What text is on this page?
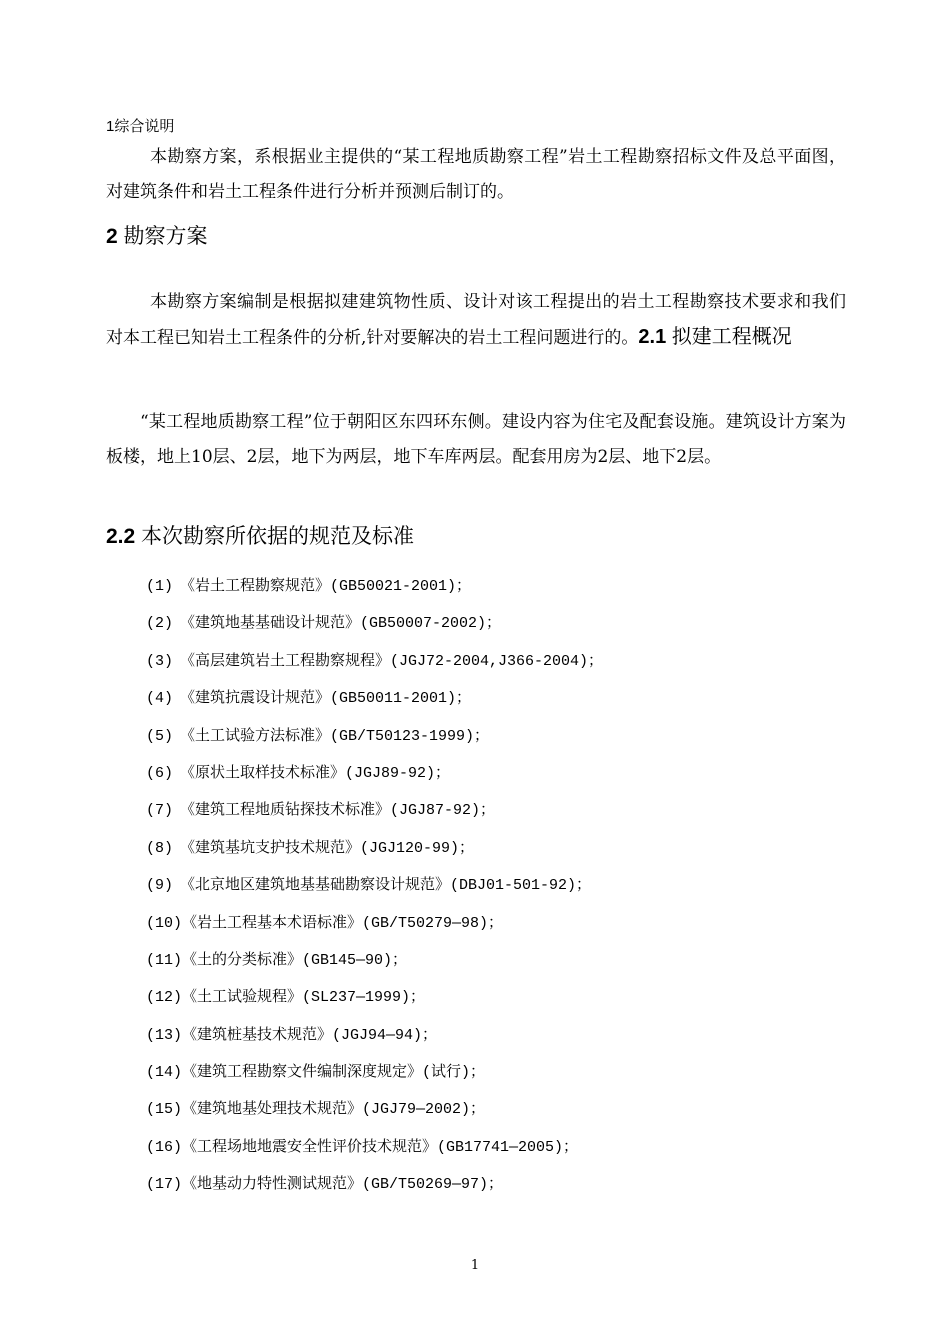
1综合说明

本勘察方案，系根据业主提供的“某工程地质勘察工程”岩土工程勘察招标文件及总平面图，对建筑条件和岩土工程条件进行分析并预测后制订的。

2 勘察方案

本勘察方案编制是根据拟建建筑物性质、设计对该工程提出的岩土工程勘察技术要求和我们对本工程已知岩土工程条件的分析,针对要解决的岩土工程问题进行的。2.1 拟建工程概况

“某工程地质勘察工程”位于朝阳区东四环东侧。建设内容为住宅及配套设施。建筑设计方案为板楼，地上10层、2层，地下为两层，地下车库两层。配套用房为2层、地下2层。

2.2 本次勘察所依据的规范及标准
(1) 《岩土工程勘察规范》(GB50021-2001)；
(2) 《建筑地基基础设计规范》(GB50007-2002)；
(3) 《高层建筑岩土工程勘察规程》(JGJ72-2004,J366-2004)；
(4) 《建筑抗震设计规范》(GB50011-2001)；
(5) 《土工试验方法标准》(GB/T50123-1999)；
(6) 《原状土取样技术标准》(JGJ89-92)；
(7) 《建筑工程地质钻探技术标准》(JGJ87-92)；
(8) 《建筑基坑支护技术规范》(JGJ120-99)；
(9) 《北京地区建筑地基基础勘察设计规范》(DBJ01-501-92)；
(10)《岩土工程基本术语标准》(GB/T50279—98)；
(11)《土的分类标准》(GB145—90)；
(12)《土工试验规程》(SL237—1999)；
(13)《建筑桩基技术规范》(JGJ94—94)；
(14)《建筑工程勘察文件编制深度规定》(试行)；
(15)《建筑地基处理技术规范》(JGJ79—2002)；
(16)《工程场地地震安全性评价技术规范》(GB17741—2005)；
(17)《地基动力特性测试规范》(GB/T50269—97)；
1
